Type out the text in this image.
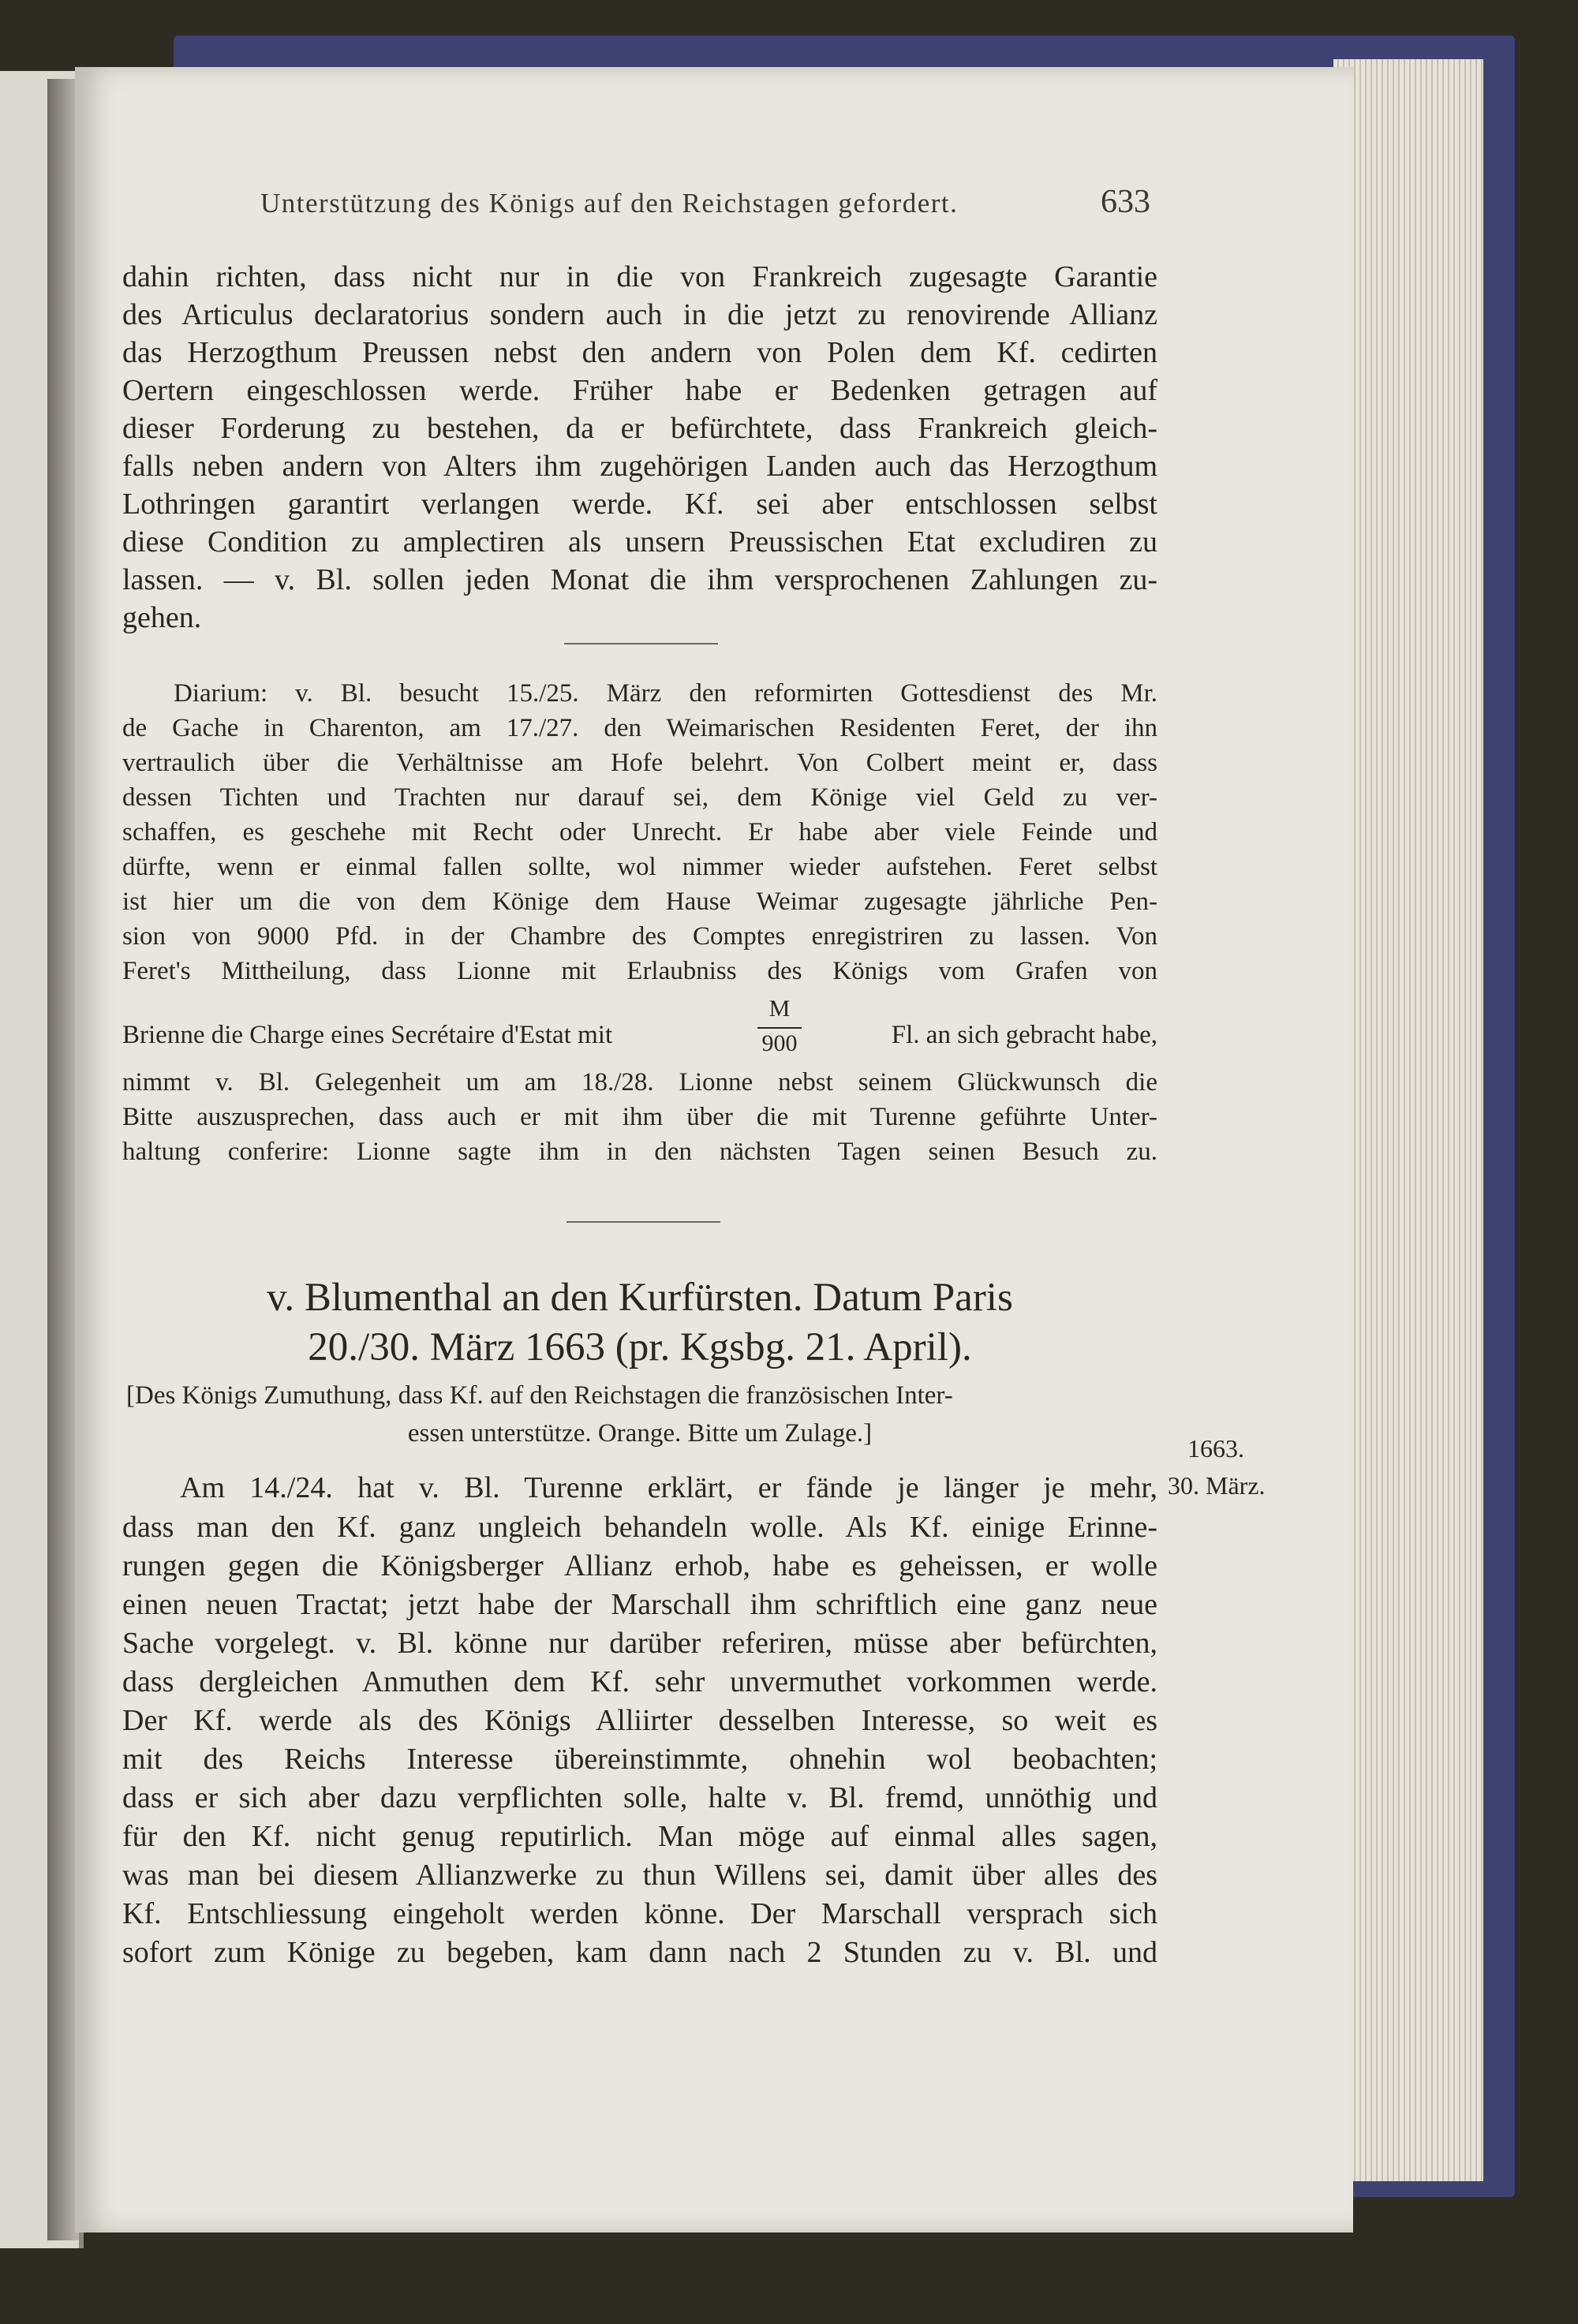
Unterstützung des Königs auf den Reichstagen gefordert.	633
dahin richten, dass nicht nur in die von Frankreich zugesagte Garantie
des Articulus declaratorius sondern auch in die jetzt zu renovirende Allianz
das Herzogthum Preussen nebst den andern von Polen dem Kf. cedirten
Oertern eingeschlossen werde. Früher habe er Bedenken getragen auf
dieser Forderung zu bestehen, da er befürchtete, dass Frankreich gleich-
falls neben andern von Alters ihm zugehörigen Landen auch das Herzogthum
Lothringen garantirt verlangen werde. Kf. sei aber entschlossen selbst
diese Condition zu amplectiren als unsern Preussischen Etat excludiren zu
lassen. — v. Bl. sollen jeden Monat die ihm versprochenen Zahlungen zu-
gehen.
Diarium: v. Bl. besucht 15./25. März den reformirten Gottesdienst des Mr.
de Gache in Charenton, am 17./27. den Weimarischen Residenten Feret, der ihn
vertraulich über die Verhältnisse am Hofe belehrt. Von Colbert meint er, dass
dessen Tichten und Trachten nur darauf sei, dem Könige viel Geld zu ver-
schaffen, es geschehe mit Recht oder Unrecht. Er habe aber viele Feinde und
dürfte, wenn er einmal fallen sollte, wol nimmer wieder aufstehen. Feret selbst
ist hier um die von dem Könige dem Hause Weimar zugesagte jährliche Pen-
sion von 9000 Pfd. in der Chambre des Comptes enregistriren zu lassen. Von
Feret's Mittheilung, dass Lionne mit Erlaubniss des Königs vom Grafen von
Brienne die Charge eines Secrétaire d'Estat mit
M
900	Fl. an sich gebracht habe,
nimmt v. Bl. Gelegenheit um am 18./28. Lionne nebst seinem Glückwunsch die
Bitte auszusprechen, dass auch er mit ihm über die mit Turenne geführte Unter-
haltung conferire: Lionne sagte ihm in den nächsten Tagen seinen Besuch zu.
v. Blumenthal an den Kurfürsten. Datum Paris
20./30. März 1663 (pr. Kgsbg. 21. April).
[Des Königs Zumuthung, dass Kf. auf den Reichstagen die französischen Inter-
essen unterstütze. Orange. Bitte um Zulage.]
1663.
30. März.
Am 14./24. hat v. Bl. Turenne erklärt, er fände je länger je mehr,
dass man den Kf. ganz ungleich behandeln wolle. Als Kf. einige Erinne-
rungen gegen die Königsberger Allianz erhob, habe es geheissen, er wolle
einen neuen Tractat; jetzt habe der Marschall ihm schriftlich eine ganz neue
Sache vorgelegt. v. Bl. könne nur darüber referiren, müsse aber befürchten,
dass dergleichen Anmuthen dem Kf. sehr unvermuthet vorkommen werde.
Der Kf. werde als des Königs Alliirter desselben Interesse, so weit es
mit des Reichs Interesse übereinstimmte, ohnehin wol beobachten;
dass er sich aber dazu verpflichten solle, halte v. Bl. fremd, unnöthig und
für den Kf. nicht genug reputirlich. Man möge auf einmal alles sagen,
was man bei diesem Allianzwerke zu thun Willens sei, damit über alles des
Kf. Entschliessung eingeholt werden könne. Der Marschall versprach sich
sofort zum Könige zu begeben, kam dann nach 2 Stunden zu v. Bl. und
